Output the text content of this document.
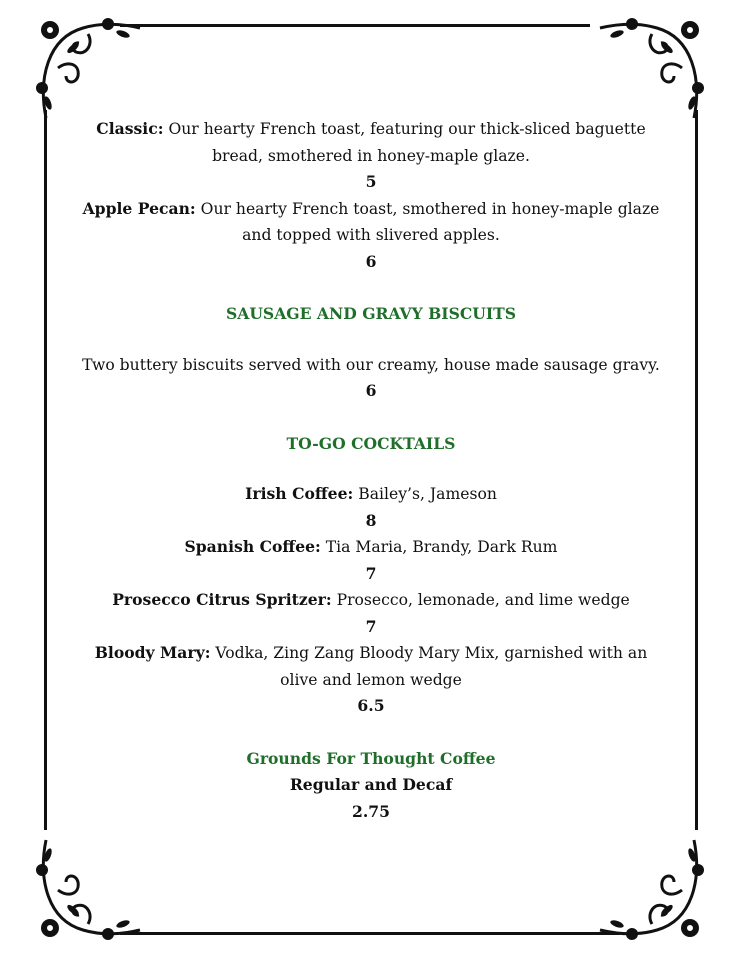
Classic: Our hearty French toast, featuring our thick-sliced baguette bread, smothered in honey-maple glaze.

5

Apple Pecan: Our hearty French toast, smothered in honey-maple glaze and topped with slivered apples.

6

SAUSAGE AND GRAVY BISCUITS

Two buttery biscuits served with our creamy, house made sausage gravy.

6

TO-GO COCKTAILS

Irish Coffee: Bailey’s, Jameson

8

Spanish Coffee: Tia Maria, Brandy, Dark Rum

7

Prosecco Citrus Spritzer: Prosecco, lemonade, and lime wedge

7

Bloody Mary: Vodka, Zing Zang Bloody Mary Mix, garnished with an olive and lemon wedge

6.5

Grounds For Thought Coffee

Regular and Decaf

2.75
